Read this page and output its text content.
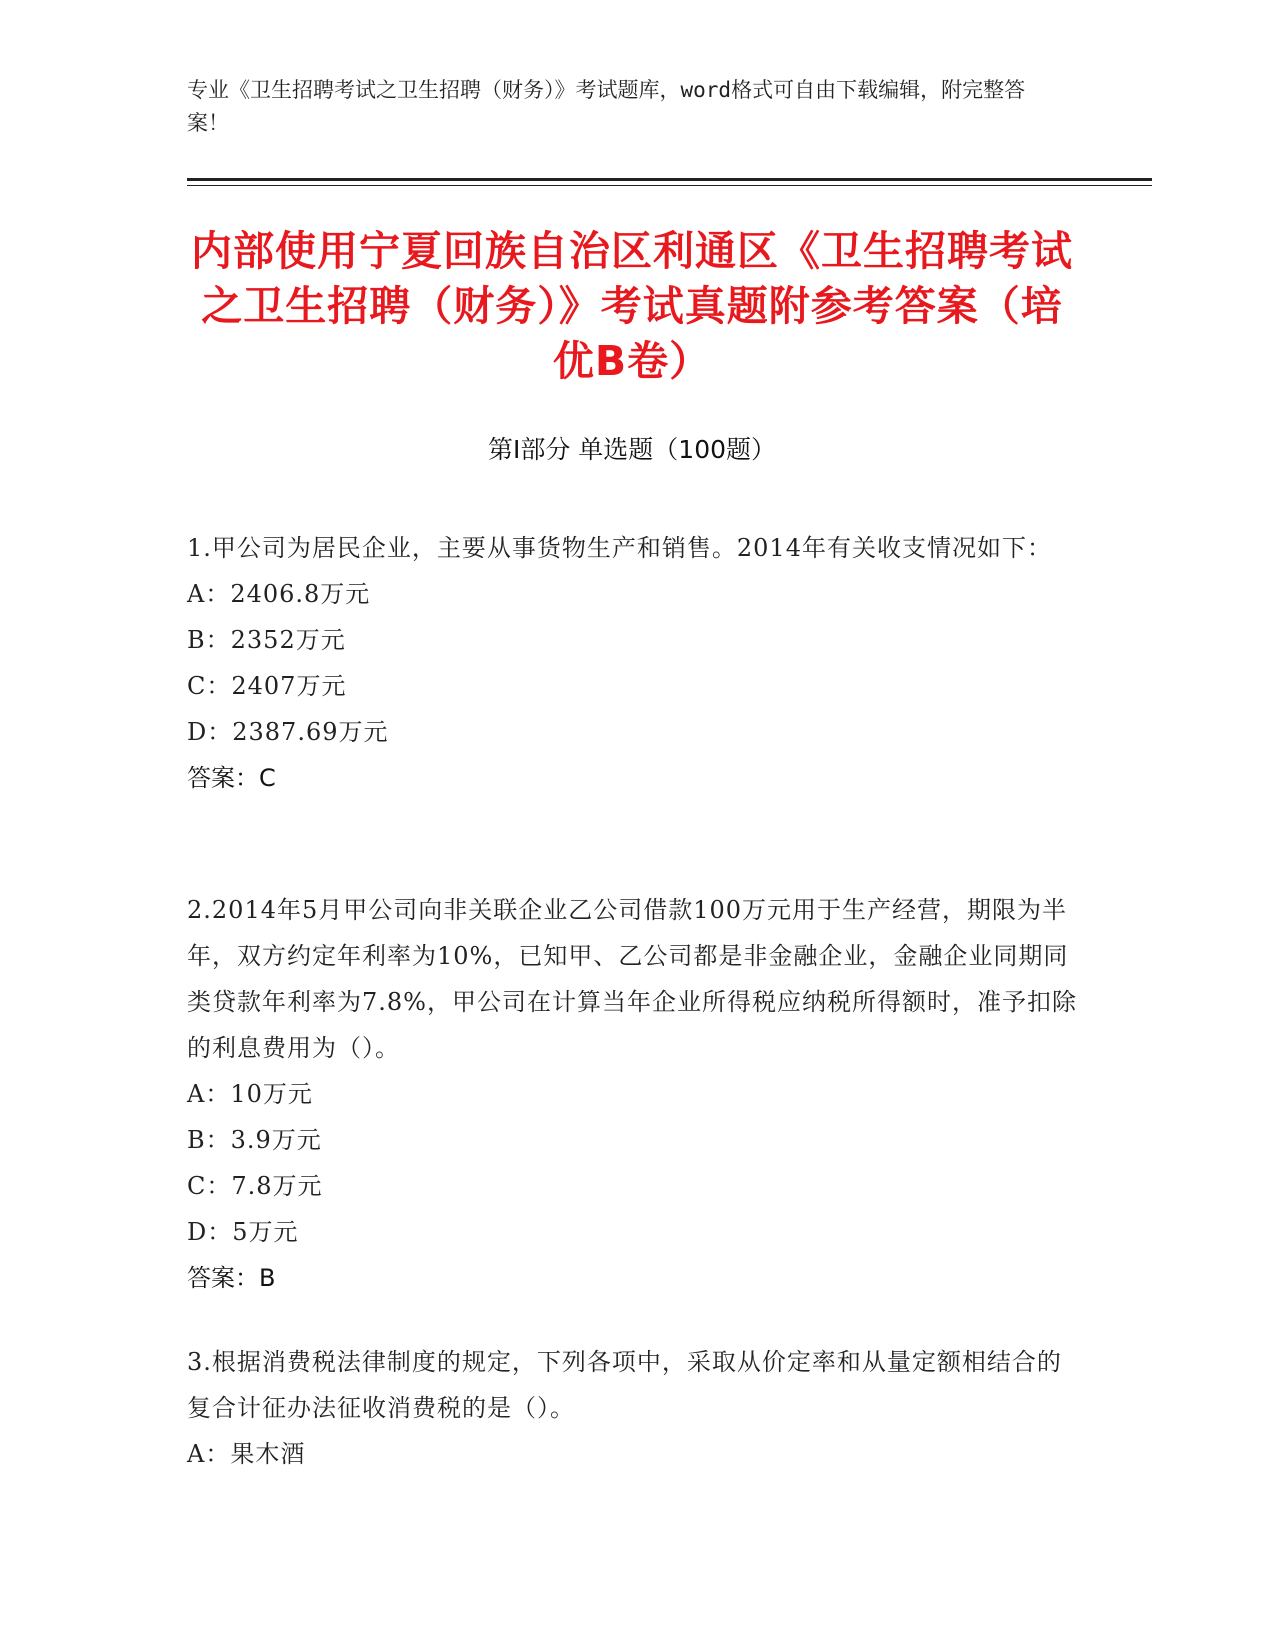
专业《卫生招聘考试之卫生招聘（财务）》考试题库，word格式可自由下载编辑，附完整答案！
内部使用宁夏回族自治区利通区《卫生招聘考试之卫生招聘（财务）》考试真题附参考答案（培优B卷）
第Ⅰ部分 单选题（100题）
1.甲公司为居民企业，主要从事货物生产和销售。2014年有关收支情况如下：
A：2406.8万元
B：2352万元
C：2407万元
D：2387.69万元
答案：C
2.2014年5月甲公司向非关联企业乙公司借款100万元用于生产经营，期限为半年，双方约定年利率为10%，已知甲、乙公司都是非金融企业，金融企业同期同类贷款年利率为7.8%，甲公司在计算当年企业所得税应纳税所得额时，准予扣除的利息费用为（）。
A：10万元
B：3.9万元
C：7.8万元
D：5万元
答案：B
3.根据消费税法律制度的规定，下列各项中，采取从价定率和从量定额相结合的复合计征办法征收消费税的是（）。
A：果木酒
